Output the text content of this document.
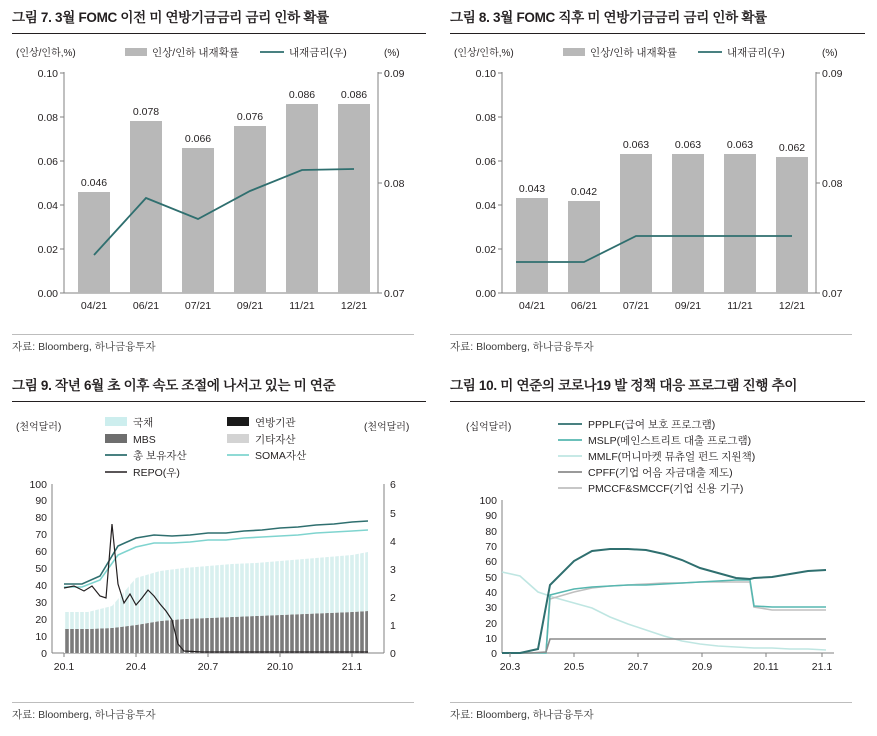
그림 7. 3월 FOMC 이전 미 연방기금금리 금리 인하 확률
(인상/인하,%)	(%)
인상/인하 내재확률	내재금리(우)
0.00
0.02
0.04
0.06
0.08
0.10
0.07
0.08
0.09
0.046
0.078
0.066
0.076
0.086 0.086
04/21 06/21 07/21 09/21 11/21 12/21
자료: Bloomberg, 하나금융투자
그림 8. 3월 FOMC 직후 미 연방기금금리 금리 인하 확률
(인상/인하,%)	(%)
인상/인하 내재확률	내재금리(우)
0.00
0.02
0.04
0.06
0.08
0.10
0.07
0.08
0.09
0.043 0.042
0.063 0.063 0.063 0.062
04/21 06/21 07/21 09/21 11/21 12/21
자료: Bloomberg, 하나금융투자
그림 9. 작년 6월 초 이후 속도 조절에 나서고 있는 미 연준
(천억달러)	(천억달러)
국채	연방기관
MBS	기타자산
총 보유자산	SOMA자산
REPO(우)
0
10
20
30
40
50
60
70
80
90
100
0
1
2
3
4
5
6
20.1	20.4	20.7	20.10	21.1
자료: Bloomberg, 하나금융투자
그림 10. 미 연준의 코로나19 발 정책 대응 프로그램 진행 추이
(십억달러)	PPPLF(급여 보호 프로그램)
MSLP(메인스트리트 대출 프로그램)
MMLF(머니마켓 뮤츄얼 펀드 지원책)
CPFF(기업 어음 자금대출 제도)
PMCCF&SMCCF(기업 신용 기구)
0
10
20
30
40
50
60
70
80
90
100
20.3	20.5	20.7	20.9	20.11	21.1
자료: Bloomberg, 하나금융투자
